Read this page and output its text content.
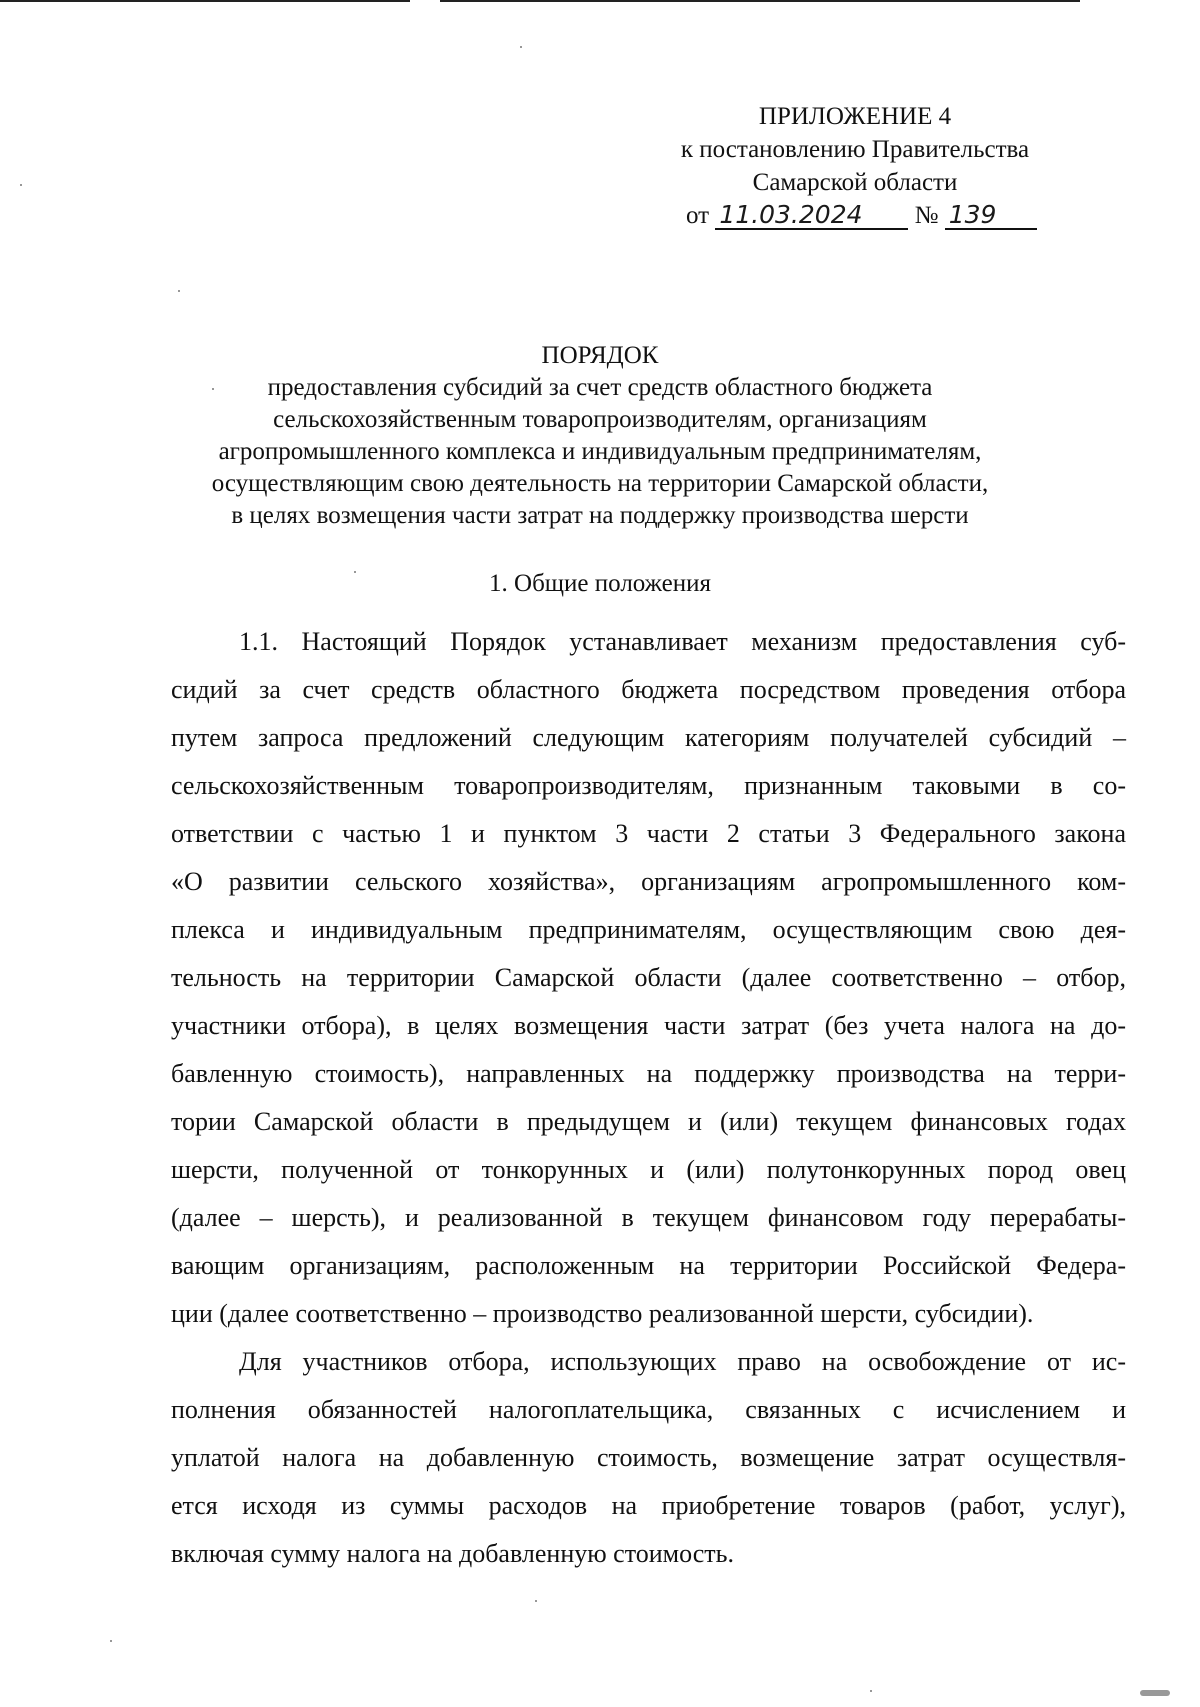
ПРИЛОЖЕНИЕ 4
к постановлению Правительства
Самарской области
от 11.03.2024 № 139
ПОРЯДОК
предоставления субсидий за счет средств областного бюджета
сельскохозяйственным товаропроизводителям, организациям
агропромышленного комплекса и индивидуальным предпринимателям,
осуществляющим свою деятельность на территории Самарской области,
в целях возмещения части затрат на поддержку производства шерсти
1. Общие положения
1.1. Настоящий Порядок устанавливает механизм предоставления суб-
сидий за счет средств областного бюджета посредством проведения отбора
путем запроса предложений следующим категориям получателей субсидий –
сельскохозяйственным товаропроизводителям, признанным таковыми в со-
ответствии с частью 1 и пунктом 3 части 2 статьи 3 Федерального закона
«О развитии сельского хозяйства», организациям агропромышленного ком-
плекса и индивидуальным предпринимателям, осуществляющим свою дея-
тельность на территории Самарской области (далее соответственно – отбор,
участники отбора), в целях возмещения части затрат (без учета налога на до-
бавленную стоимость), направленных на поддержку производства на терри-
тории Самарской области в предыдущем и (или) текущем финансовых годах
шерсти, полученной от тонкорунных и (или) полутонкорунных пород овец
(далее – шерсть), и реализованной в текущем финансовом году перерабаты-
вающим организациям, расположенным на территории Российской Федера-
ции (далее соответственно – производство реализованной шерсти, субсидии).
Для участников отбора, использующих право на освобождение от ис-
полнения обязанностей налогоплательщика, связанных с исчислением и
уплатой налога на добавленную стоимость, возмещение затрат осуществля-
ется исходя из суммы расходов на приобретение товаров (работ, услуг),
включая сумму налога на добавленную стоимость.
